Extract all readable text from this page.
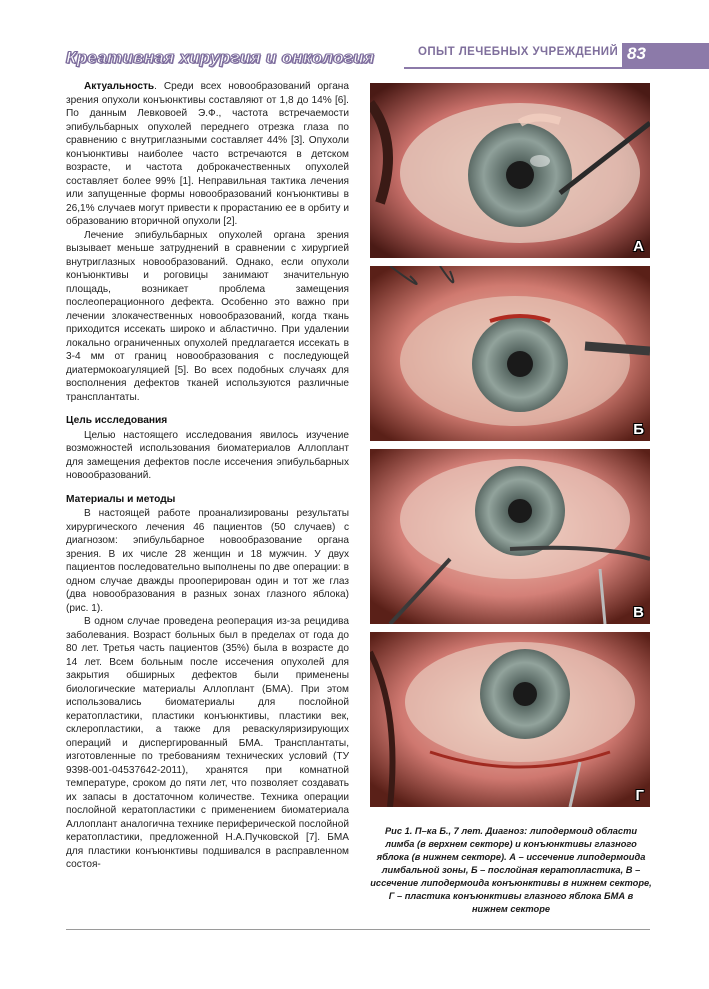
Креативная хирургия и онкология	ОПЫТ ЛЕЧЕБНЫХ УЧРЕЖДЕНИЙ 83

Актуальность. Среди всех новообразований органа зрения опухоли конъюнктивы составляют от 1,8 до 14% [6]. По данным Левковоей Э.Ф., частота встречаемости эпибульбарных опухолей переднего отрезка глаза по сравнению с внутриглазными составляет 44% [3]. Опухоли конъюнктивы наиболее часто встречаются в детском возрасте, и частота доброкачественных опухолей составляет более 99% [1]. Неправильная тактика лечения или запущенные формы новообразований конъюнктивы в 26,1% случаев могут привести к прорастанию ее в орбиту и образованию вторичной опухоли [2].

Лечение эпибульбарных опухолей органа зрения вызывает меньше затруднений в сравнении с хирургией внутриглазных новообразований. Однако, если опухоли конъюнктивы и роговицы занимают значительную площадь, возникает проблема замещения послеоперационного дефекта. Особенно это важно при лечении злокачественных новообразований, когда ткань приходится иссекать широко и абластично. При удалении локально ограниченных опухолей предлагается иссекать в 3-4 мм от границ новообразования с последующей диатермокоагуляцией [5]. Во всех подобных случаях для восполнения дефектов тканей используются различные трансплантаты.

Цель исследования

Целью настоящего исследования явилось изучение возможностей использования биоматериалов Аллоплант для замещения дефектов после иссечения эпибульбарных новообразований.

Материалы и методы

В настоящей работе проанализированы результаты хирургического лечения 46 пациентов (50 случаев) с диагнозом: эпибульбарное новообразование органа зрения. В их числе 28 женщин и 18 мужчин. У двух пациентов последовательно выполнены по две операции: в одном случае дважды прооперирован один и тот же глаз (два новообразования в разных зонах глазного яблока) (рис. 1).

В одном случае проведена реоперация из-за рецидива заболевания. Возраст больных был в пределах от года до 80 лет. Третья часть пациентов (35%) была в возрасте до 14 лет. Всем больным после иссечения опухолей для закрытия обширных дефектов были применены биологические материалы Аллоплант (БМА). При этом использовались биоматериалы для послойной кератопластики, пластики конъюнктивы, пластики век, склеропластики, а также для реваскуляризирующих операций и диспергированный БМА. Трансплантаты, изготовленные по требованиям технических условий (ТУ 9398-001-04537642-2011), хранятся при комнатной температуре, сроком до пяти лет, что позволяет создавать их запасы в достаточном количестве. Техника операции послойной кератопластики с применением биоматериала Аллоплант аналогична технике периферической послойной кератопластики, предложенной Н.А.Пучковской [7]. БМА для пластики конъюнктивы подшивался в расправленном состоя-

А
Б
В
Г
Рис 1. П–ка Б., 7 лет. Диагноз: липодермоид области лимба (в верхнем секторе) и конъюнктивы глазного яблока (в нижнем секторе). А – иссечение липодермоида лимбальной зоны, Б – послойная кератопластика, В – иссечение липодермоида конъюнктивы в нижнем секторе, Г – пластика конъюнктивы глазного яблока БМА в нижнем секторе
